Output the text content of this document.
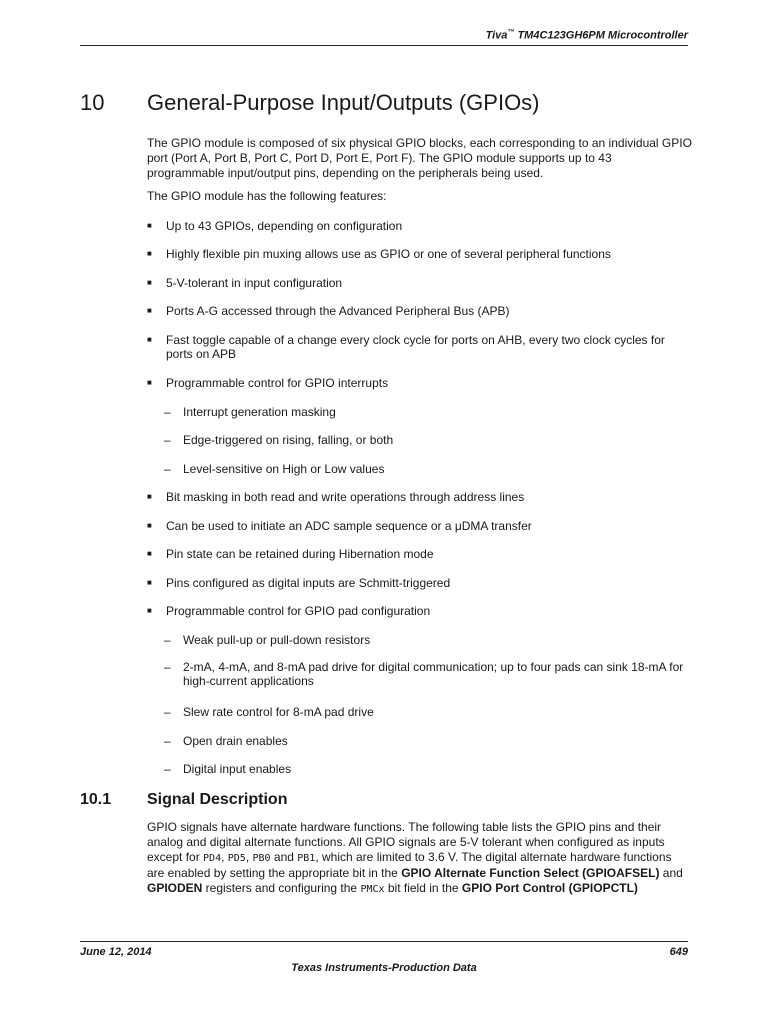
Tiva™ TM4C123GH6PM Microcontroller
10 General-Purpose Input/Outputs (GPIOs)

The GPIO module is composed of six physical GPIO blocks, each corresponding to an individual GPIO port (Port A, Port B, Port C, Port D, Port E, Port F). The GPIO module supports up to 43 programmable input/output pins, depending on the peripherals being used.

The GPIO module has the following features:

■ Up to 43 GPIOs, depending on configuration
■ Highly flexible pin muxing allows use as GPIO or one of several peripheral functions
■ 5-V-tolerant in input configuration
■ Ports A-G accessed through the Advanced Peripheral Bus (APB)
■ Fast toggle capable of a change every clock cycle for ports on AHB, every two clock cycles for ports on APB
■ Programmable control for GPIO interrupts
– Interrupt generation masking
– Edge-triggered on rising, falling, or both
– Level-sensitive on High or Low values
■ Bit masking in both read and write operations through address lines
■ Can be used to initiate an ADC sample sequence or a μDMA transfer
■ Pin state can be retained during Hibernation mode
■ Pins configured as digital inputs are Schmitt-triggered
■ Programmable control for GPIO pad configuration
– Weak pull-up or pull-down resistors
– 2-mA, 4-mA, and 8-mA pad drive for digital communication; up to four pads can sink 18-mA for high-current applications
– Slew rate control for 8-mA pad drive
– Open drain enables
– Digital input enables
10.1 Signal Description

GPIO signals have alternate hardware functions. The following table lists the GPIO pins and their analog and digital alternate functions. All GPIO signals are 5-V tolerant when configured as inputs except for PD4, PD5, PB0 and PB1, which are limited to 3.6 V. The digital alternate hardware functions are enabled by setting the appropriate bit in the GPIO Alternate Function Select (GPIOAFSEL) and GPIODEN registers and configuring the PMCx bit field in the GPIO Port Control (GPIOPCTL)

June 12, 2014	649
Texas Instruments-Production Data
